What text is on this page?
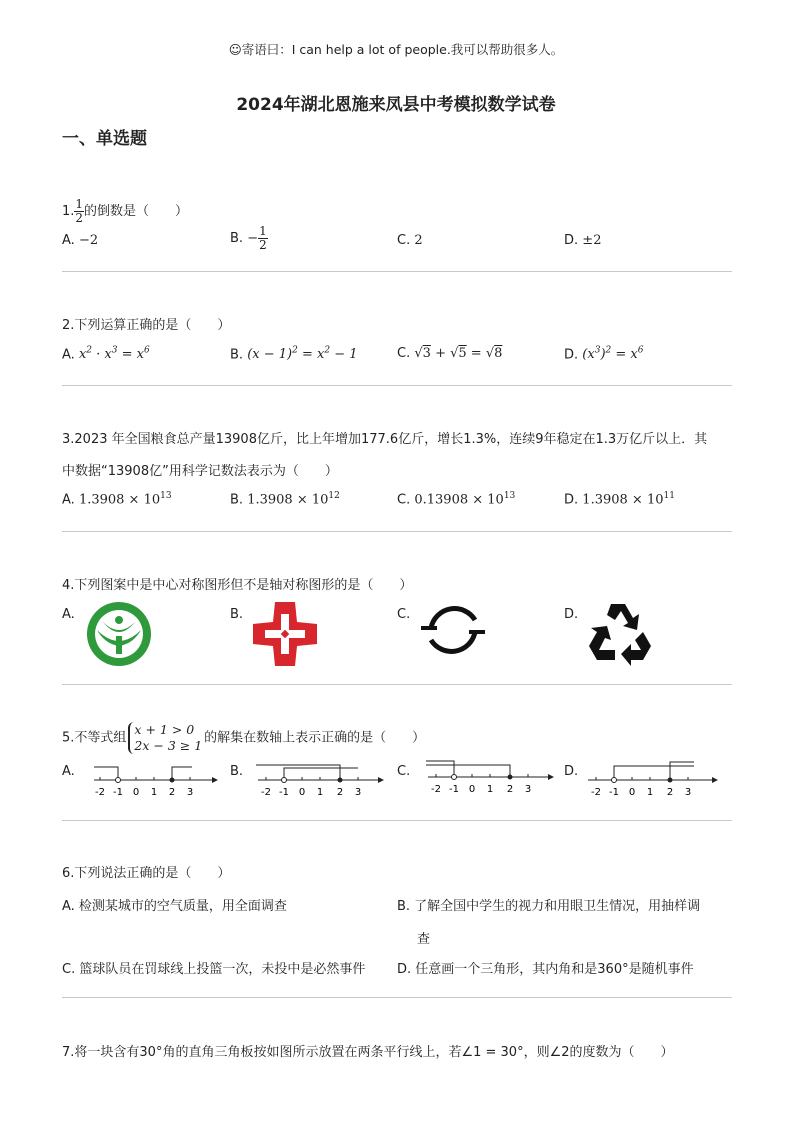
☺寄语曰：I can help a lot of people.我可以帮助很多人。
2024年湖北恩施来凤县中考模拟数学试卷
一、单选题
1. $\frac{1}{2}$ 的倒数是（　　）
A. −2	B. − $\frac{1}{2}$	C. 2	D. ±2
2.下列运算正确的是（　　）
A. $x^2 \cdot x^3 = x^6$	B. $(x - 1)^2 = x^2 - 1$	C. √3 + √5 = √8	D. $(x^3)^2 = x^6$
3.2023 年全国粮食总产量13908亿斤，比上年增加177.6亿斤，增长1.3%，连续9年稳定在1.3万亿斤以上．其
中数据“13908亿”用科学记数法表示为（　　）
A. $1.3908 \times 10^{13}$	B. $1.3908 \times 10^{12}$	C. $0.13908 \times 10^{13}$	D. $1.3908 \times 10^{11}$
4.下列图案中是中心对称图形但不是轴对称图形的是（　　）
A.	B.	C.	D.
5.不等式组
x + 1 > 0
2x − 3 ≥ 1 的解集在数轴上表示正确的是（　　）
A.	B.	C.	D.
-2 -1 0 1 2 3	-2 -1 0 1 2 3	-2 -1 0 1 2 3	-2 -1 0 1 2 3
6.下列说法正确的是（　　）
A. 检测某城市的空气质量，用全面调查	B. 了解全国中学生的视力和用眼卫生情况，用抽样调
查
C. 篮球队员在罚球线上投篮一次，未投中是必然事件 D. 任意画一个三角形，其内角和是360°是随机事件
7.将一块含有30°角的直角三角板按如图所示放置在两条平行线上，若∠1 = 30°，则∠2的度数为（　　）
